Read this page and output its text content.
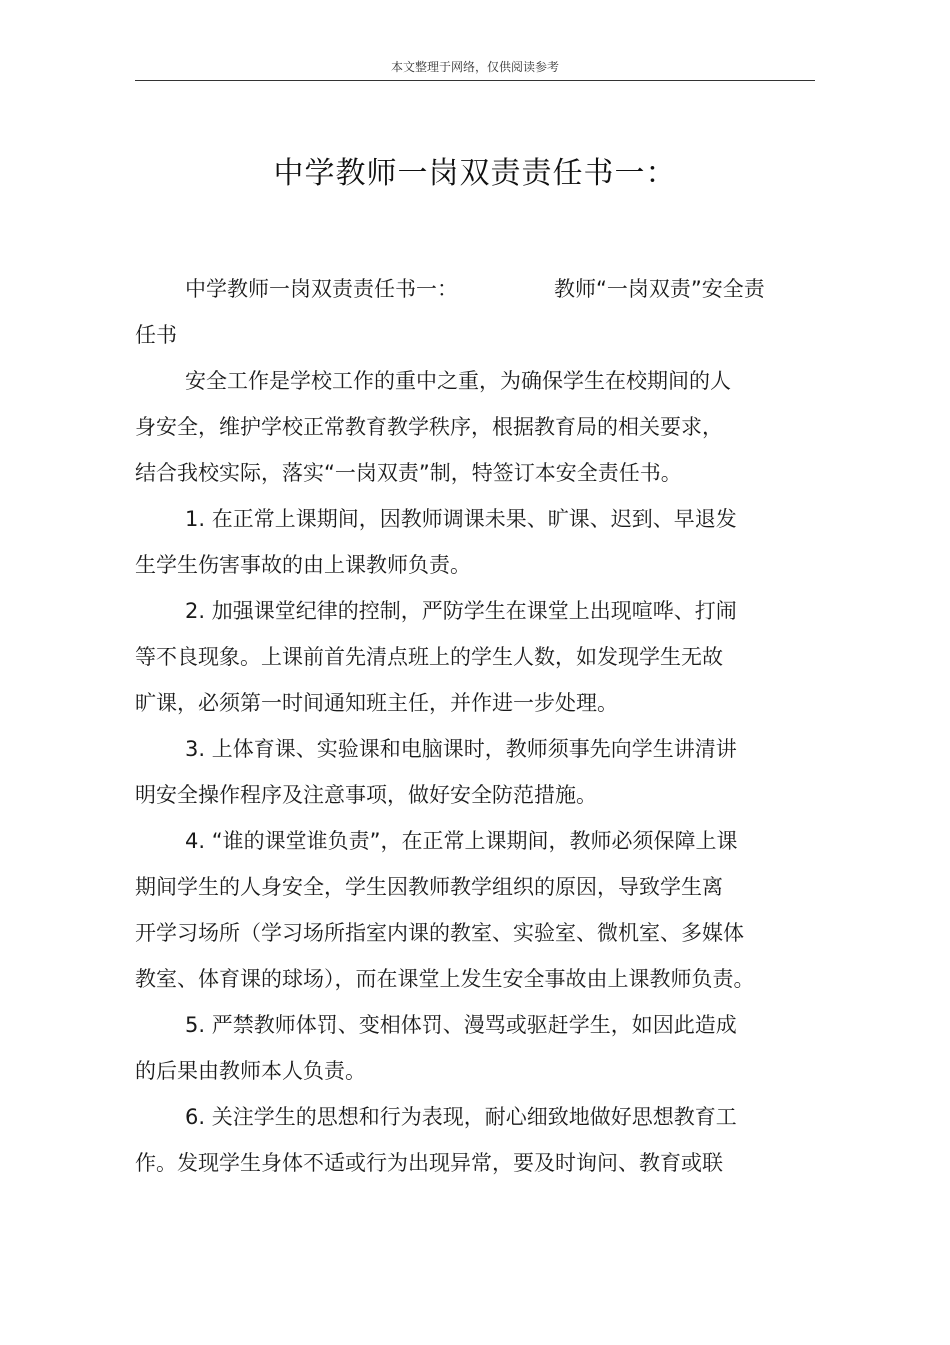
本文整理于网络，仅供阅读参考
中学教师一岗双责责任书一：
中学教师一岗双责责任书一：	教师“一岗双责”安全责
任书
安全工作是学校工作的重中之重，为确保学生在校期间的人
身安全，维护学校正常教育教学秩序，根据教育局的相关要求，
结合我校实际，落实“一岗双责”制，特签订本安全责任书。
1. 在正常上课期间，因教师调课未果、旷课、迟到、早退发
生学生伤害事故的由上课教师负责。
2. 加强课堂纪律的控制，严防学生在课堂上出现喧哗、打闹
等不良现象。上课前首先清点班上的学生人数，如发现学生无故
旷课，必须第一时间通知班主任，并作进一步处理。
3. 上体育课、实验课和电脑课时，教师须事先向学生讲清讲
明安全操作程序及注意事项，做好安全防范措施。
4. “谁的课堂谁负责”，在正常上课期间，教师必须保障上课
期间学生的人身安全，学生因教师教学组织的原因，导致学生离
开学习场所（学习场所指室内课的教室、实验室、微机室、多媒体
教室、体育课的球场），而在课堂上发生安全事故由上课教师负责。
5. 严禁教师体罚、变相体罚、漫骂或驱赶学生，如因此造成
的后果由教师本人负责。
6. 关注学生的思想和行为表现，耐心细致地做好思想教育工
作。发现学生身体不适或行为出现异常，要及时询问、教育或联
